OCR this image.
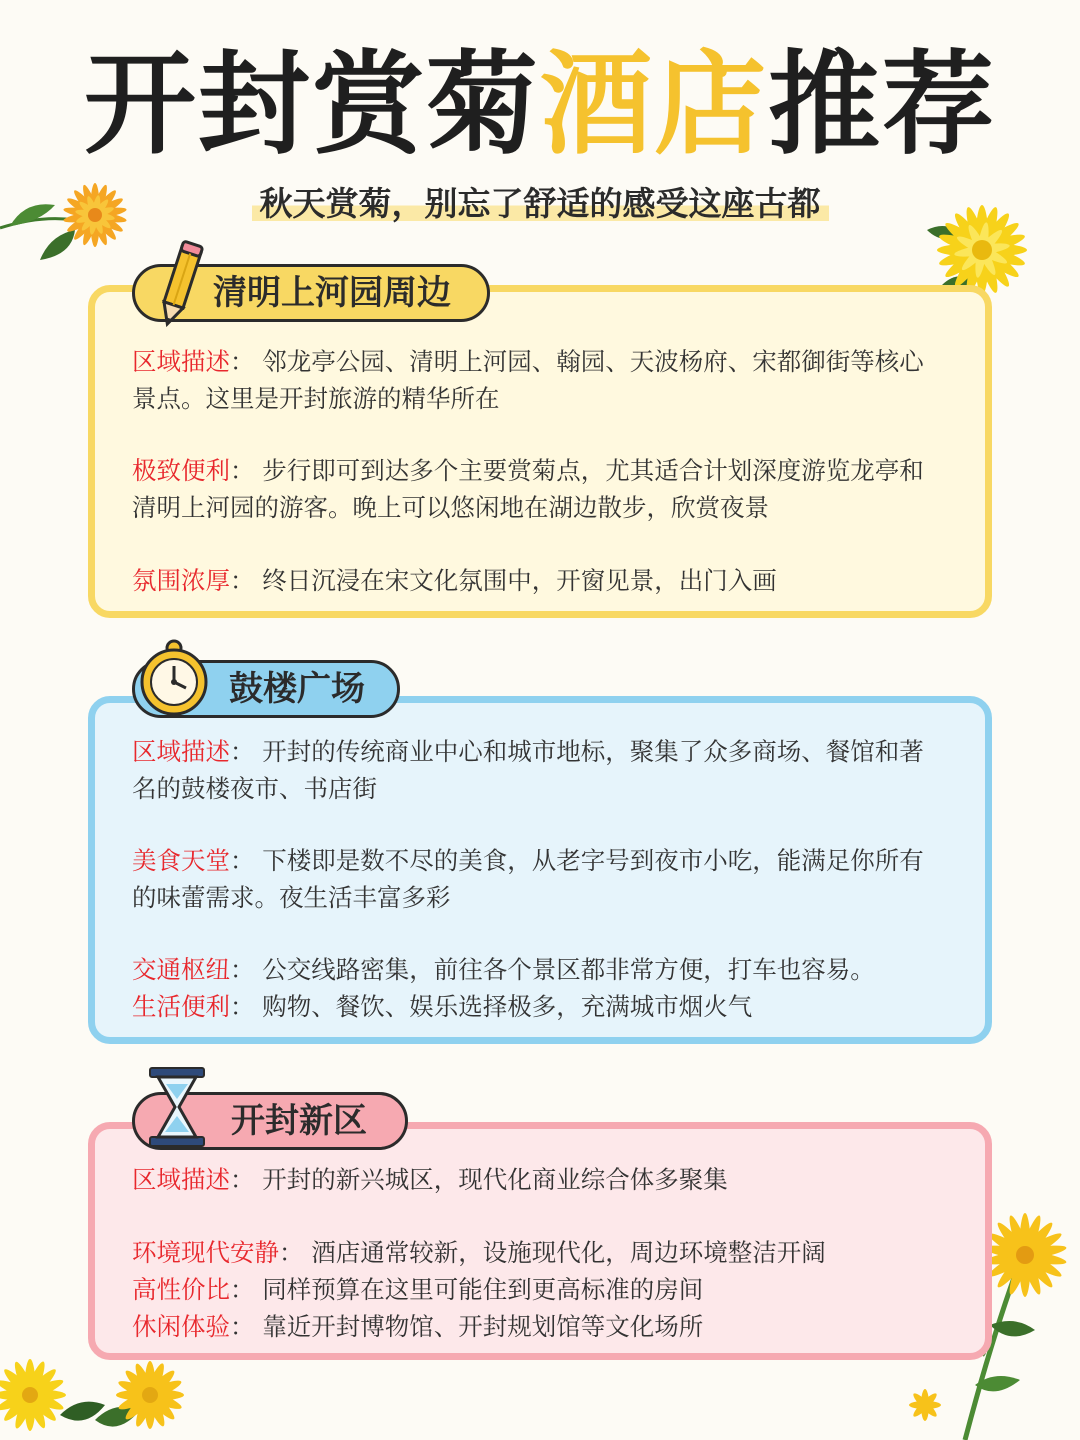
开封赏菊酒店推荐
秋天赏菊，别忘了舒适的感受这座古都
清明上河园周边
区域描述： 邻龙亭公园、清明上河园、翰园、天波杨府、宋都御街等核心景点。这里是开封旅游的精华所在
极致便利： 步行即可到达多个主要赏菊点，尤其适合计划深度游览龙亭和清明上河园的游客。晚上可以悠闲地在湖边散步，欣赏夜景
氛围浓厚： 终日沉浸在宋文化氛围中，开窗见景，出门入画
鼓楼广场
区域描述： 开封的传统商业中心和城市地标，聚集了众多商场、餐馆和著名的鼓楼夜市、书店街
美食天堂： 下楼即是数不尽的美食，从老字号到夜市小吃，能满足你所有的味蕾需求。夜生活丰富多彩
交通枢纽： 公交线路密集，前往各个景区都非常方便，打车也容易。
生活便利： 购物、餐饮、娱乐选择极多，充满城市烟火气
开封新区
区域描述： 开封的新兴城区，现代化商业综合体多聚集
环境现代安静： 酒店通常较新，设施现代化，周边环境整洁开阔
高性价比： 同样预算在这里可能住到更高标准的房间
休闲体验： 靠近开封博物馆、开封规划馆等文化场所
